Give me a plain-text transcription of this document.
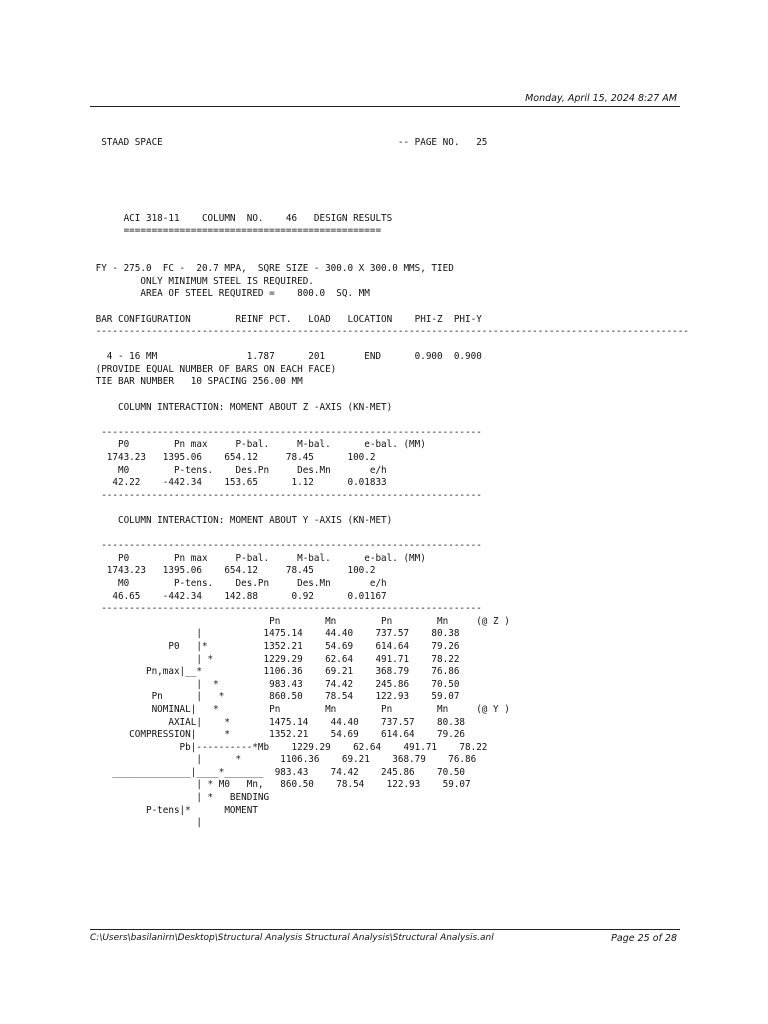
Monday, April 15, 2024 8:27 AM

STAAD SPACE                                          -- PAGE NO.   25

ACI 318-11    COLUMN  NO.    46   DESIGN RESULTS
==============================================

FY - 275.0  FC -  20.7 MPA,  SQRE SIZE - 300.0 X 300.0 MMS, TIED
ONLY MINIMUM STEEL IS REQUIRED.
AREA OF STEEL REQUIRED =    800.0  SQ. MM

BAR CONFIGURATION        REINF PCT.   LOAD   LOCATION    PHI-Z  PHI-Y
----------------------------------------------------------------------------------------------------------

4 - 16 MM                1.787      201       END      0.900  0.900
(PROVIDE EQUAL NUMBER OF BARS ON EACH FACE)
TIE BAR NUMBER   10 SPACING 256.00 MM

COLUMN INTERACTION: MOMENT ABOUT Z -AXIS (KN-MET)

--------------------------------------------------------------------
P0        Pn max     P-bal.     M-bal.      e-bal. (MM)
1743.23   1395.06    654.12     78.45      100.2
M0        P-tens.    Des.Pn     Des.Mn       e/h
42.22    -442.34    153.65      1.12      0.01833
--------------------------------------------------------------------

COLUMN INTERACTION: MOMENT ABOUT Y -AXIS (KN-MET)

--------------------------------------------------------------------
P0        Pn max     P-bal.     M-bal.      e-bal. (MM)
1743.23   1395.06    654.12     78.45      100.2
M0        P-tens.    Des.Pn     Des.Mn       e/h
46.65    -442.34    142.88      0.92      0.01167
--------------------------------------------------------------------
Pn        Mn        Pn        Mn     (@ Z )
|           1475.14    44.40    737.57    80.38
P0   |*          1352.21    54.69    614.64    79.26
| *         1229.29    62.64    491.71    78.22
Pn,max|__*           1106.36    69.21    368.79    76.86
|  *         983.43    74.42    245.86    70.50
Pn      |   *        860.50    78.54    122.93    59.07
NOMINAL|   *         Pn        Mn        Pn        Mn     (@ Y )
AXIAL|    *       1475.14    44.40    737.57    80.38
COMPRESSION|     *       1352.21    54.69    614.64    79.26
Pb|----------*Mb    1229.29    62.64    491.71    78.22
|      *       1106.36    69.21    368.79    76.86
______________|____*_______  983.43    74.42    245.86    70.50
| * M0   Mn,   860.50    78.54    122.93    59.07
| *   BENDING
P-tens|*      MOMENT
|
C:\Users\basilanirn\Desktop\Structural Analysis Structural Analysis\Structural Analysis.anl	Page 25 of 28
